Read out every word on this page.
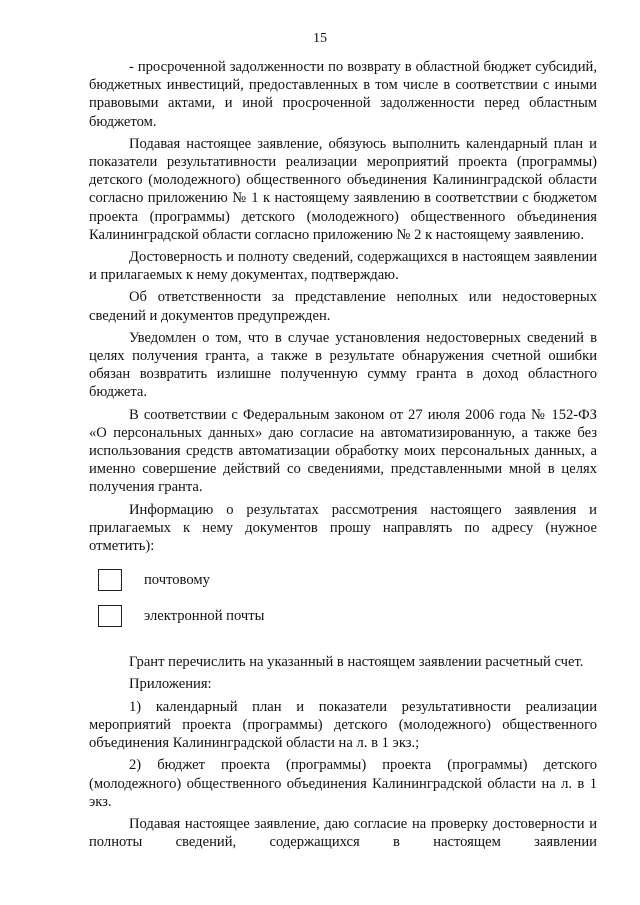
15

- просроченной задолженности по возврату в областной бюджет субсидий, бюджетных инвестиций, предоставленных в том числе в соответствии с иными правовыми актами, и иной просроченной задолженности перед областным бюджетом.

Подавая настоящее заявление, обязуюсь выполнить календарный план и показатели результативности реализации мероприятий проекта (программы) детского (молодежного) общественного объединения Калининградской области согласно приложению № 1 к настоящему заявлению в соответствии с бюджетом проекта (программы) детского (молодежного) общественного объединения Калининградской области согласно приложению № 2 к настоящему заявлению.

Достоверность и полноту сведений, содержащихся в настоящем заявлении и прилагаемых к нему документах, подтверждаю.

Об ответственности за представление неполных или недостоверных сведений и документов предупрежден.

Уведомлен о том, что в случае установления недостоверных сведений в целях получения гранта, а также в результате обнаружения счетной ошибки обязан возвратить излишне полученную сумму гранта в доход областного бюджета.

В соответствии с Федеральным законом от 27 июля 2006 года № 152-ФЗ «О персональных данных» даю согласие на автоматизированную, а также без использования средств автоматизации обработку моих персональных данных, а именно совершение действий со сведениями, представленными мной в целях получения гранта.

Информацию о результатах рассмотрения настоящего заявления и прилагаемых к нему документов прошу направлять по адресу (нужное отметить):

почтовому
электронной почты

Грант перечислить на указанный в настоящем заявлении расчетный счет.

Приложения:

1) календарный план и показатели результативности реализации мероприятий проекта (программы) детского (молодежного) общественного объединения Калининградской области на л. в 1 экз.;

2) бюджет проекта (программы) проекта (программы) детского (молодежного) общественного объединения Калининградской области на л. в 1 экз.

Подавая настоящее заявление, даю согласие на проверку достоверности и полноты сведений, содержащихся в настоящем заявлении
